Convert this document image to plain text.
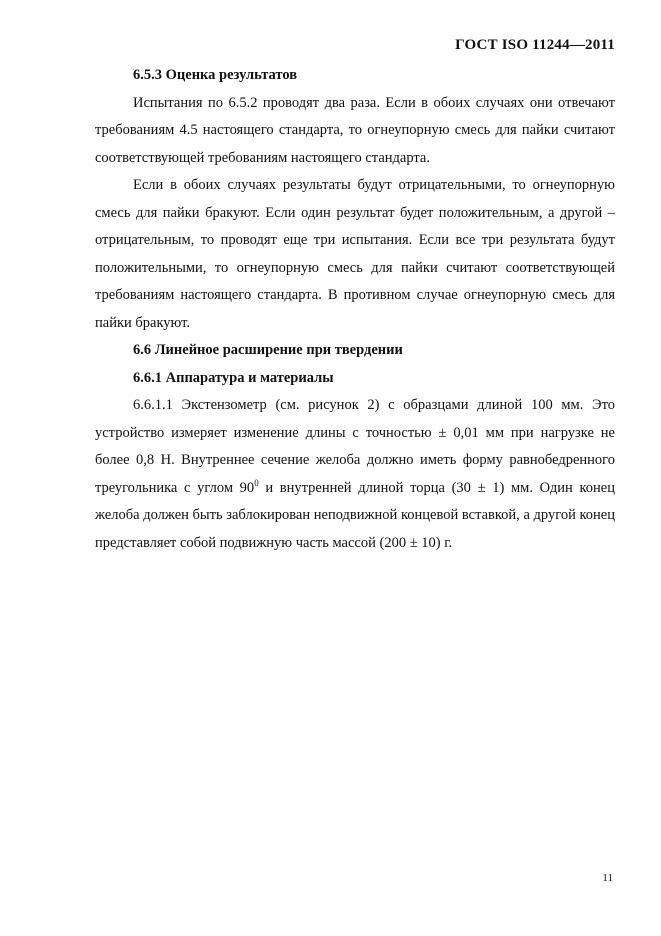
ГОСТ ISO 11244—2011

6.5.3 Оценка результатов

Испытания по 6.5.2 проводят два раза. Если в обоих случаях они отвечают требованиям 4.5 настоящего стандарта, то огнеупорную смесь для пайки считают соответствующей требованиям настоящего стандарта.

Если в обоих случаях результаты будут отрицательными, то огнеупорную смесь для пайки бракуют. Если один результат будет положительным, а другой – отрицательным, то проводят еще три испытания. Если все три результата будут положительными, то огнеупорную смесь для пайки считают соответствующей требованиям настоящего стандарта. В противном случае огнеупорную смесь для пайки бракуют.

6.6 Линейное расширение при твердении

6.6.1 Аппаратура и материалы

6.6.1.1 Экстензометр (см. рисунок 2) с образцами длиной 100 мм. Это устройство измеряет изменение длины с точностью ± 0,01 мм при нагрузке не более 0,8 Н. Внутреннее сечение желоба должно иметь форму равнобедренного треугольника с углом $90^0$ и внутренней длиной торца (30 ± 1) мм. Один конец желоба должен быть заблокирован неподвижной концевой вставкой, а другой конец представляет собой подвижную часть массой (200 ± 10) г.

11
